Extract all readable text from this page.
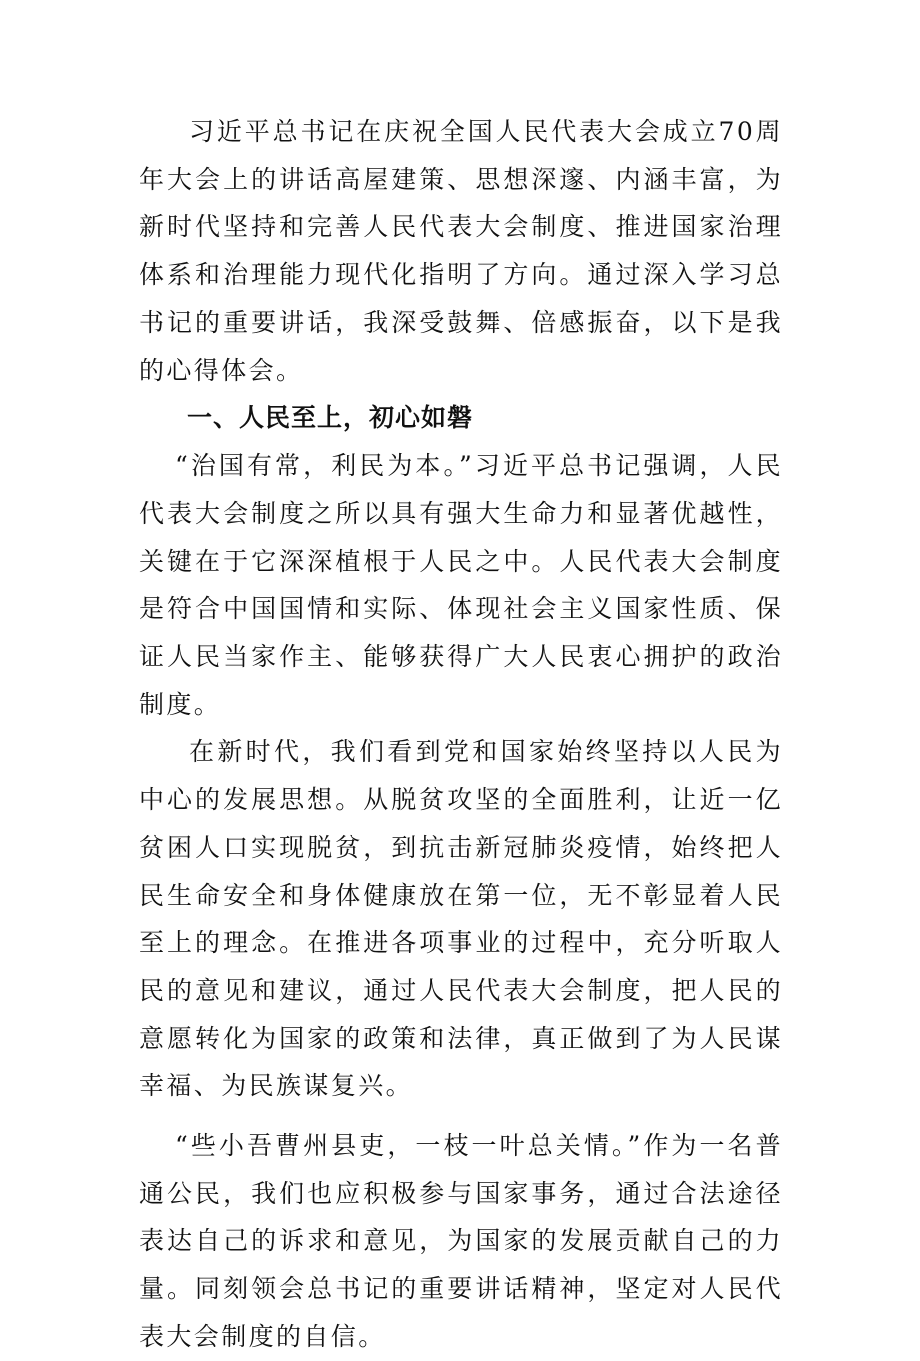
习近平总书记在庆祝全国人民代表大会成立70周年大会上的讲话高屋建策、思想深邃、内涵丰富，为新时代坚持和完善人民代表大会制度、推进国家治理体系和治理能力现代化指明了方向。通过深入学习总书记的重要讲话，我深受鼓舞、倍感振奋，以下是我的心得体会。

一、人民至上，初心如磐

“治国有常，利民为本。”习近平总书记强调，人民代表大会制度之所以具有强大生命力和显著优越性，关键在于它深深植根于人民之中。人民代表大会制度是符合中国国情和实际、体现社会主义国家性质、保证人民当家作主、能够获得广大人民衷心拥护的政治制度。

在新时代，我们看到党和国家始终坚持以人民为中心的发展思想。从脱贫攻坚的全面胜利，让近一亿贫困人口实现脱贫，到抗击新冠肺炎疫情，始终把人民生命安全和身体健康放在第一位，无不彰显着人民至上的理念。在推进各项事业的过程中，充分听取人民的意见和建议，通过人民代表大会制度，把人民的意愿转化为国家的政策和法律，真正做到了为人民谋幸福、为民族谋复兴。

“些小吾曹州县吏，一枝一叶总关情。”作为一名普通公民，我们也应积极参与国家事务，通过合法途径表达自己的诉求和意见，为国家的发展贡献自己的力量。同刻领会总书记的重要讲话精神，坚定对人民代表大会制度的自信。
